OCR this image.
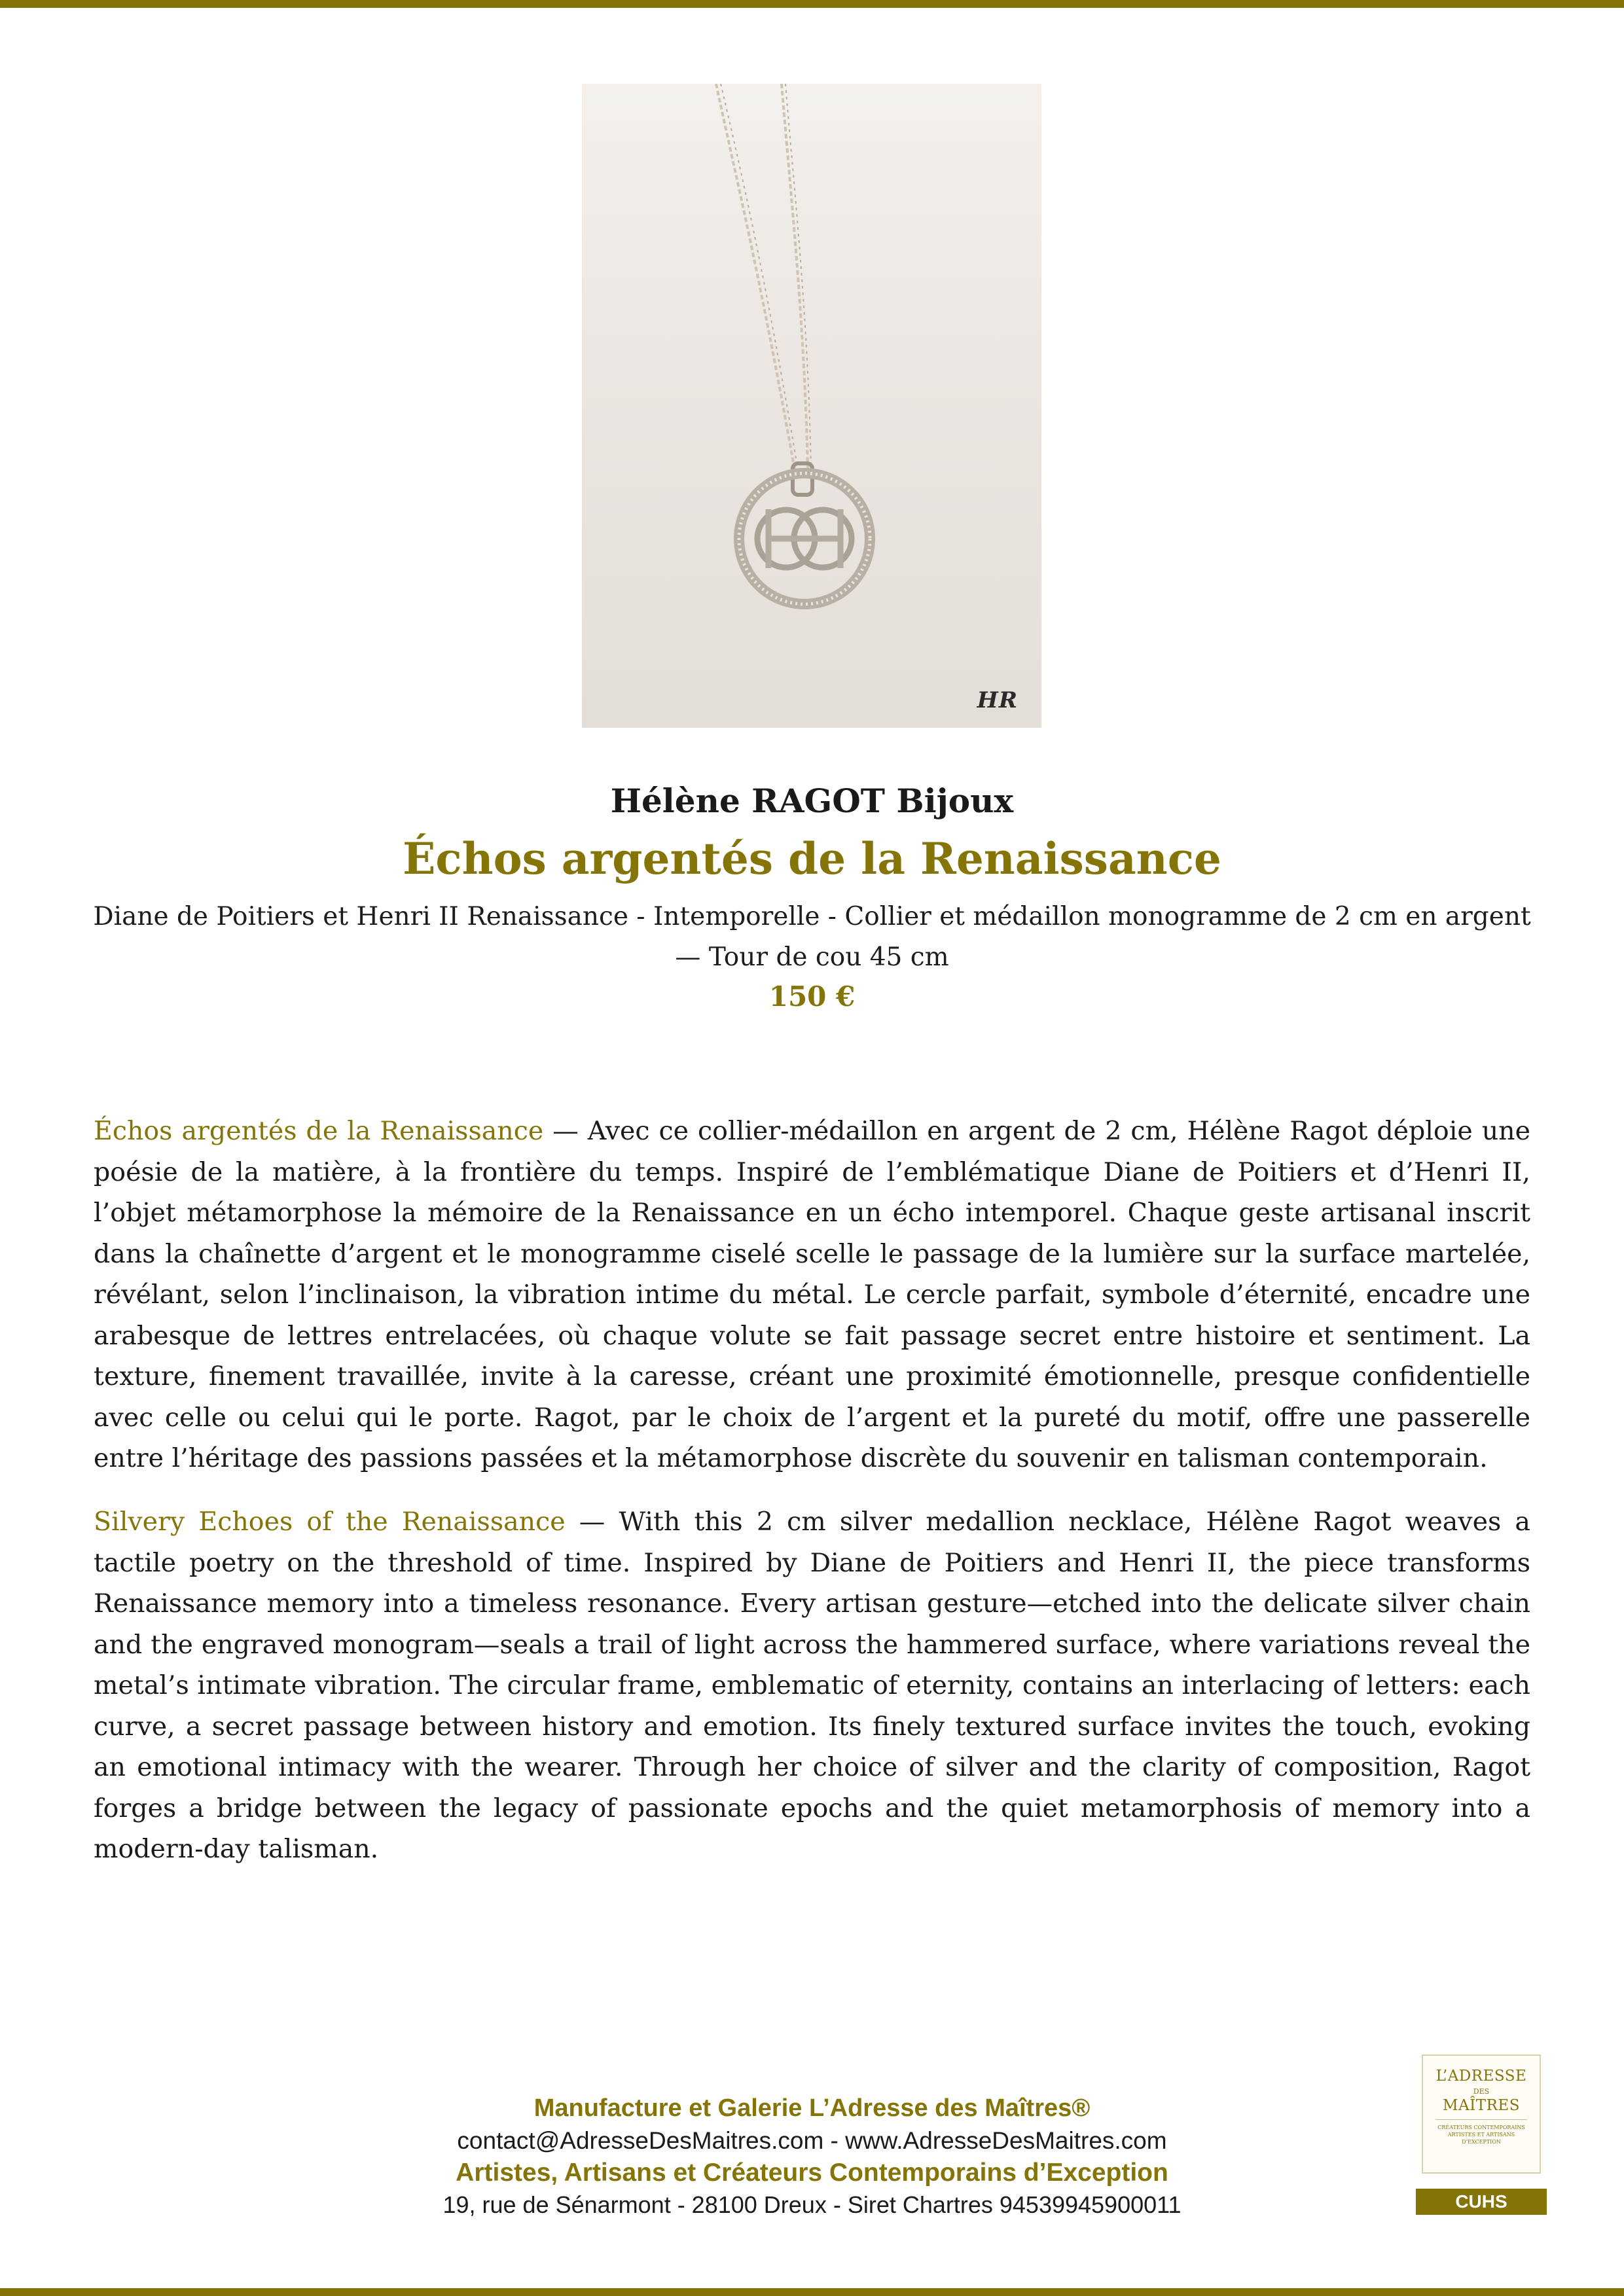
HR
Hélène RAGOT Bijoux
Échos argentés de la Renaissance
Diane de Poitiers et Henri II Renaissance - Intemporelle - Collier et médaillon monogramme de 2 cm en argent — Tour de cou 45 cm
150 €

Échos argentés de la Renaissance — Avec ce collier-médaillon en argent de 2 cm, Hélène Ragot déploie une poésie de la matière, à la frontière du temps. Inspiré de l’emblématique Diane de Poitiers et d’Henri II, l’objet métamorphose la mémoire de la Renaissance en un écho intemporel. Chaque geste artisanal inscrit dans la chaînette d’argent et le monogramme ciselé scelle le passage de la lumière sur la surface martelée, révélant, selon l’inclinaison, la vibration intime du métal. Le cercle parfait, symbole d’éternité, encadre une arabesque de lettres entrelacées, où chaque volute se fait passage secret entre histoire et sentiment. La texture, finement travaillée, invite à la caresse, créant une proximité émotionnelle, presque confidentielle avec celle ou celui qui le porte. Ragot, par le choix de l’argent et la pureté du motif, offre une passerelle entre l’héritage des passions passées et la métamorphose discrète du souvenir en talisman contemporain.

Silvery Echoes of the Renaissance — With this 2 cm silver medallion necklace, Hélène Ragot weaves a tactile poetry on the threshold of time. Inspired by Diane de Poitiers and Henri II, the piece transforms Renaissance memory into a timeless resonance. Every artisan gesture—etched into the delicate silver chain and the engraved monogram—seals a trail of light across the hammered surface, where variations reveal the metal’s intimate vibration. The circular frame, emblematic of eternity, contains an interlacing of letters: each curve, a secret passage between history and emotion. Its finely textured surface invites the touch, evoking an emotional intimacy with the wearer. Through her choice of silver and the clarity of composition, Ragot forges a bridge between the legacy of passionate epochs and the quiet metamorphosis of memory into a modern-day talisman.

Manufacture et Galerie L’Adresse des Maîtres®
contact@AdresseDesMaitres.com - www.AdresseDesMaitres.com
Artistes, Artisans et Créateurs Contemporains d’Exception
19, rue de Sénarmont - 28100 Dreux - Siret Chartres 94539945900011
L’ADRESSE
DES
MAÎTRES
CRÉATEURS CONTEMPORAINS ARTISTES ET ARTISANS D’EXCEPTION
CUHS
